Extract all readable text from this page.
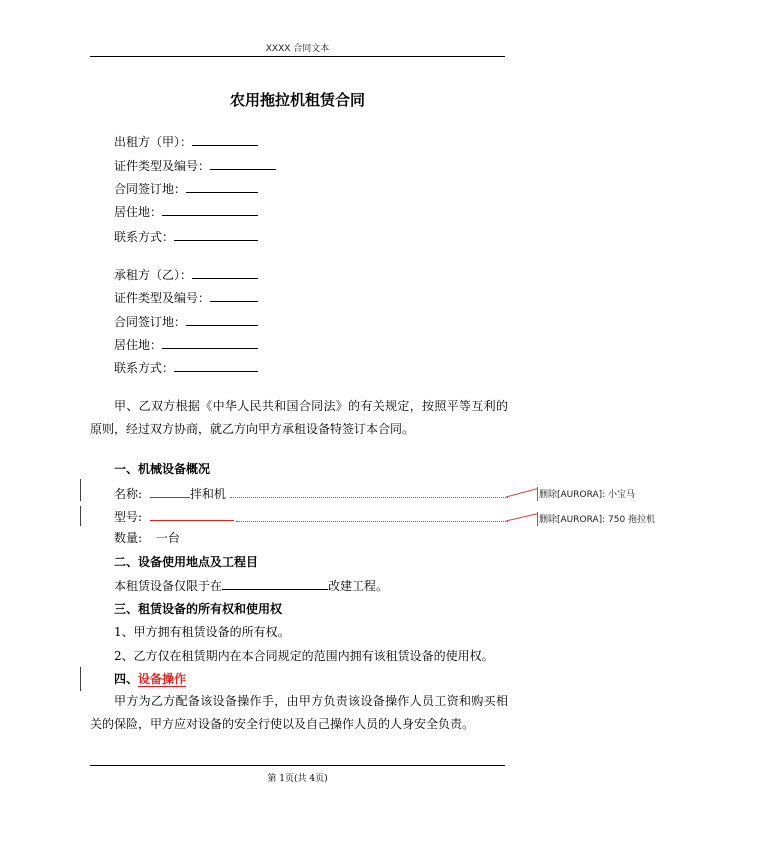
XXXX 合同文本
农用拖拉机租赁合同
出租方（甲）：
证件类型及编号：
合同签订地：
居住地：
联系方式：
承租方（乙）：
证件类型及编号：
合同签订地：
居住地：
联系方式：
甲、乙双方根据《中华人民共和国合同法》的有关规定，按照平等互利的原则，经过双方协商，就乙方向甲方承租设备特签订本合同。
一、机械设备概况
名称:	拌和机	删除[AURORA]: 小宝马
型号:	删除[AURORA]: 750 拖拉机
数量: 一台
二、设备使用地点及工程目
本租赁设备仅限于在	改建工程。
三、租赁设备的所有权和使用权
1、甲方拥有租赁设备的所有权。
2、乙方仅在租赁期内在本合同规定的范围内拥有该租赁设备的使用权。
四、设备操作
甲方为乙方配备该设备操作手，由甲方负责该设备操作人员工资和购买相关的保险，甲方应对设备的安全行使以及自己操作人员的人身安全负责。
第 1页(共 4页)
